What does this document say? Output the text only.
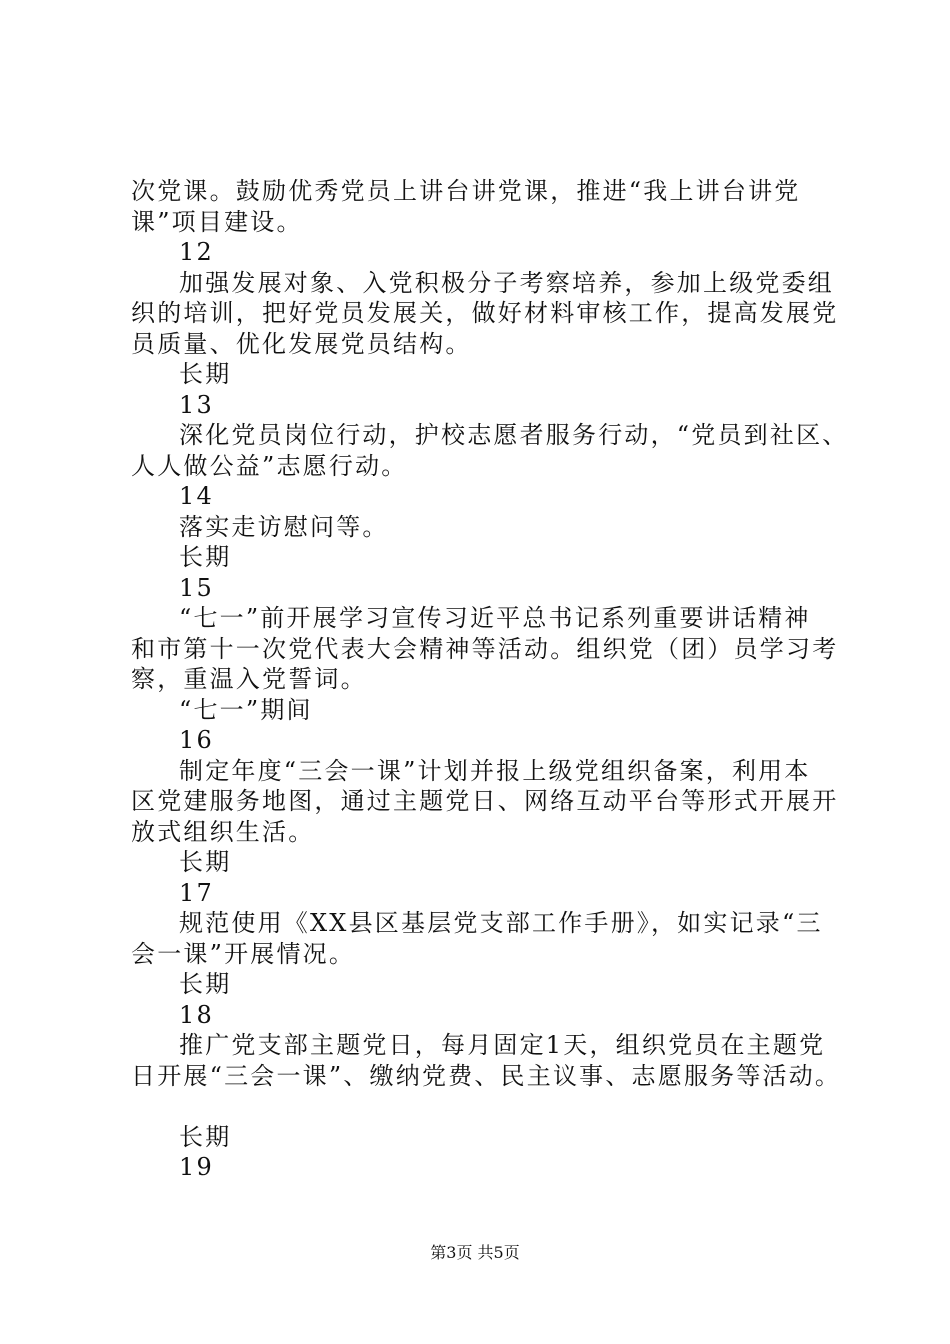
次党课。鼓励优秀党员上讲台讲党课，推进“我上讲台讲党
课”项目建设。
12
加强发展对象、入党积极分子考察培养，参加上级党委组
织的培训，把好党员发展关，做好材料审核工作，提高发展党
员质量、优化发展党员结构。
长期
13
深化党员岗位行动，护校志愿者服务行动，“党员到社区、
人人做公益”志愿行动。
14
落实走访慰问等。
长期
15
“七一”前开展学习宣传习近平总书记系列重要讲话精神
和市第十一次党代表大会精神等活动。组织党（团）员学习考
察，重温入党誓词。
“七一”期间
16
制定年度“三会一课”计划并报上级党组织备案，利用本
区党建服务地图，通过主题党日、网络互动平台等形式开展开
放式组织生活。
长期
17
规范使用《XX县区基层党支部工作手册》，如实记录“三
会一课”开展情况。
长期
18
推广党支部主题党日，每月固定1天，组织党员在主题党
日开展“三会一课”、缴纳党费、民主议事、志愿服务等活动。
长期
19
第3页 共5页
